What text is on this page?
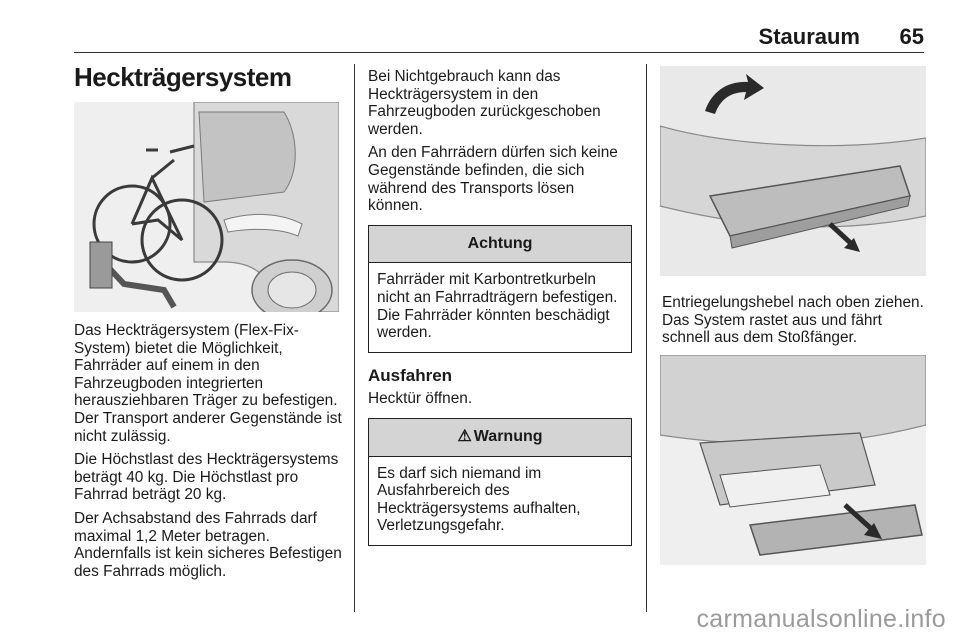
Stauraum 65
Heckträgersystem

Das Heckträgersystem (Flex-Fix-System) bietet die Möglichkeit, Fahrräder auf einem in den Fahrzeugboden integrierten herausziehbaren Träger zu befestigen. Der Transport anderer Gegenstände ist nicht zulässig.

Die Höchstlast des Heckträgersystems beträgt 40 kg. Die Höchstlast pro Fahrrad beträgt 20 kg.

Der Achsabstand des Fahrrads darf maximal 1,2 Meter betragen. Andernfalls ist kein sicheres Befestigen des Fahrrads möglich.

Bei Nichtgebrauch kann das Heckträgersystem in den Fahrzeugboden zurückgeschoben werden.

An den Fahrrädern dürfen sich keine Gegenstände befinden, die sich während des Transports lösen können.

Achtung
Fahrräder mit Karbontretkurbeln nicht an Fahrradträgern befestigen. Die Fahrräder könnten beschädigt werden.
Ausfahren

Hecktür öffnen.

⚠ Warnung
Es darf sich niemand im Ausfahrbereich des Heckträgersystems aufhalten, Verletzungsgefahr.

Entriegelungshebel nach oben ziehen. Das System rastet aus und fährt schnell aus dem Stoßfänger.

carmanualsonline.info
